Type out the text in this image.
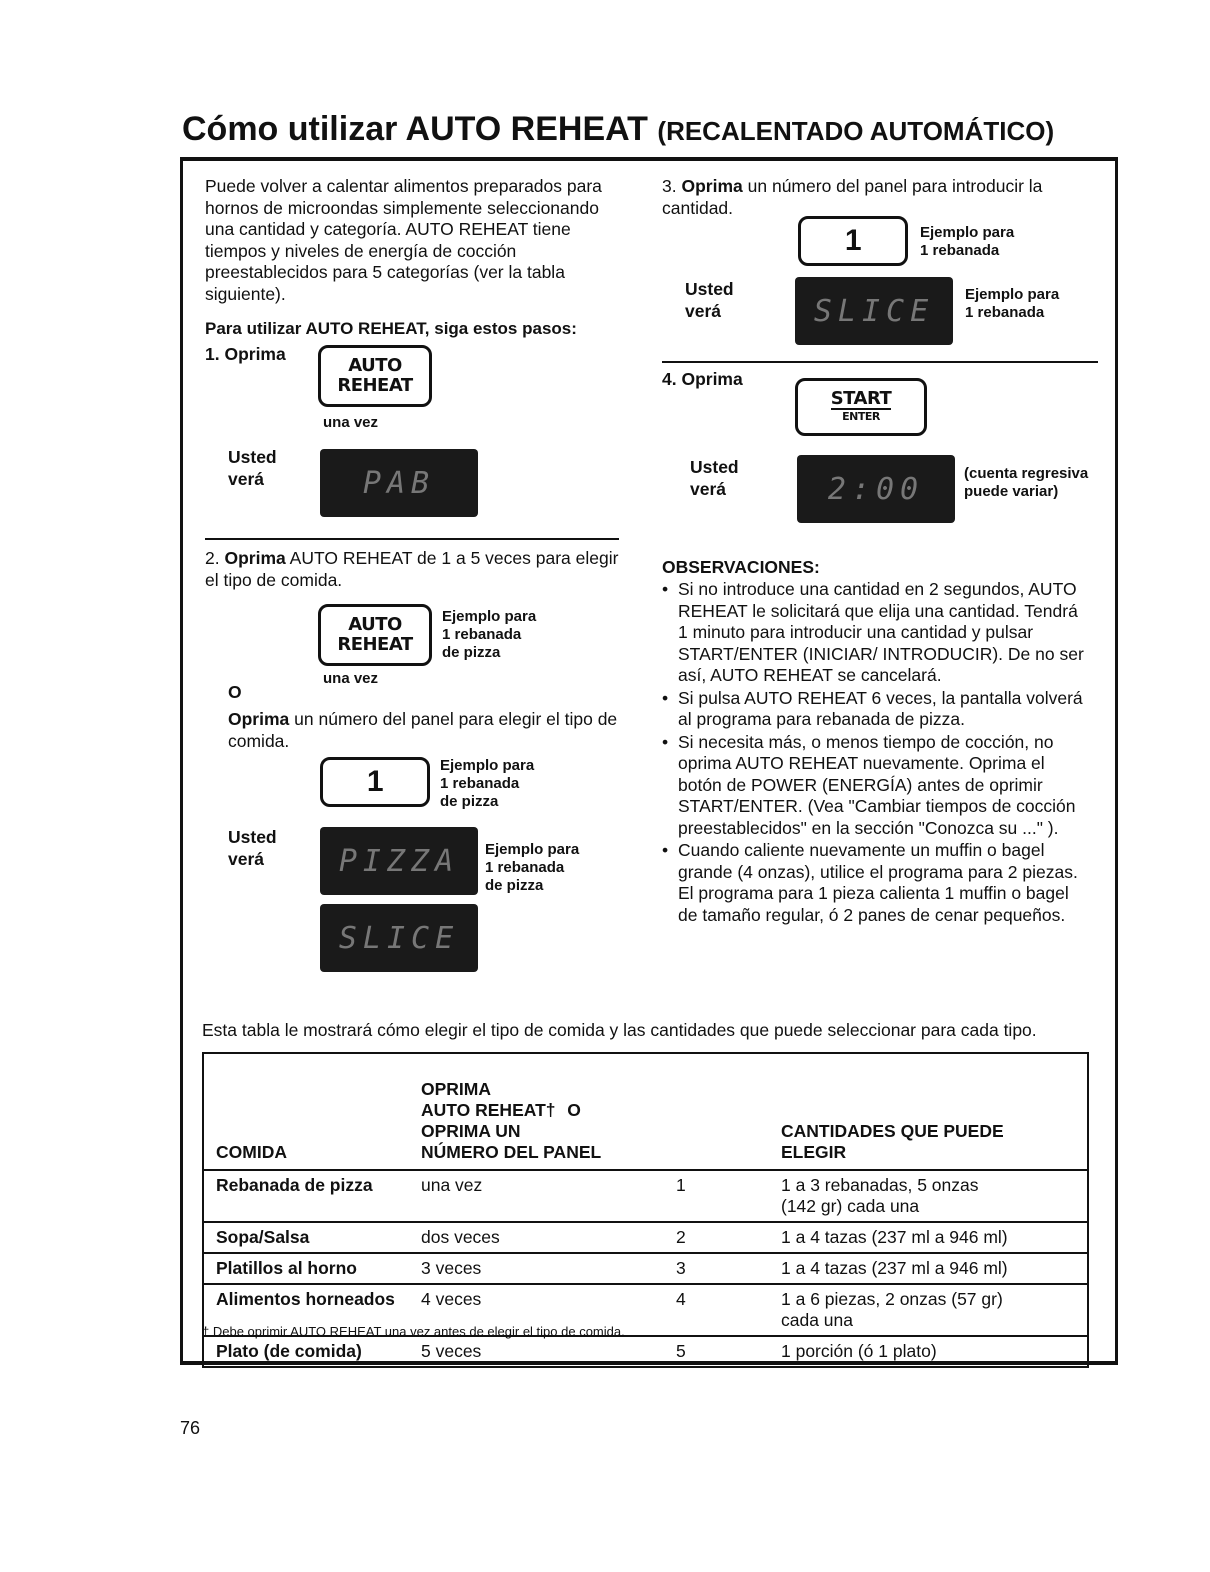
Cómo utilizar AUTO REHEAT (RECALENTADO AUTOMÁTICO)

Puede volver a calentar alimentos preparados para hornos de microondas simplemente seleccionando una cantidad y categoría. AUTO REHEAT tiene tiempos y niveles de energía de cocción preestablecidos para 5 categorías (ver la tabla siguiente).

Para utilizar AUTO REHEAT, siga estos pasos:

1. Oprima
AUTO
REHEAT
una vez
Usted
verá	PAB
2. Oprima AUTO REHEAT de 1 a 5 veces para elegir el tipo de comida.
AUTO
REHEAT
Ejemplo para
1 rebanada
de pizza
una vez
O
Oprima un número del panel para elegir el tipo de comida.
1	Ejemplo para
1 rebanada
de pizza
Usted
verá	PIZZA	Ejemplo para
1 rebanada
de pizza
SLICE
3. Oprima un número del panel para introducir la cantidad.
1	Ejemplo para
1 rebanada
Usted
verá	SLICE	Ejemplo para
1 rebanada
4. Oprima
START
ENTER
Usted
verá	2:00	(cuenta regresiva
puede variar)
OBSERVACIONES:
• Si no introduce una cantidad en 2 segundos, AUTO REHEAT le solicitará que elija una cantidad. Tendrá 1 minuto para introducir una cantidad y pulsar START/ENTER (INICIAR/ INTRODUCIR). De no ser así, AUTO REHEAT se cancelará.
• Si pulsa AUTO REHEAT 6 veces, la pantalla volverá al programa para rebanada de pizza.
• Si necesita más, o menos tiempo de cocción, no oprima AUTO REHEAT nuevamente. Oprima el botón de POWER (ENERGÍA) antes de oprimir START/ENTER. (Vea "Cambiar tiempos de cocción preestablecidos" en la sección "Conozca su ..." ).
• Cuando caliente nuevamente un muffin o bagel grande (4 onzas), utilice el programa para 2 piezas. El programa para 1 pieza calienta 1 muffin o bagel de tamaño regular, ó 2 panes de cenar pequeños.

Esta tabla le mostrará cómo elegir el tipo de comida y las cantidades que puede seleccionar para cada tipo.

COMIDA	OPRIMA
AUTO REHEAT† OOPRIMA UN
NÚMERO DEL PANEL	CANTIDADES QUE PUEDE
ELEGIR
Rebanada de pizza	una vez 1	1 a 3 rebanadas, 5 onzas
(142 gr) cada una
Sopa/Salsa	dos veces 2	1 a 4 tazas (237 ml a 946 ml)
Platillos al horno	3 veces 3	1 a 4 tazas (237 ml a 946 ml)
Alimentos horneados	4 veces 4	1 a 6 piezas, 2 onzas (57 gr)
cada una
Plato (de comida)	5 veces 5	1 porción (ó 1 plato)
† Debe oprimir AUTO REHEAT una vez antes de elegir el tipo de comida.
76
